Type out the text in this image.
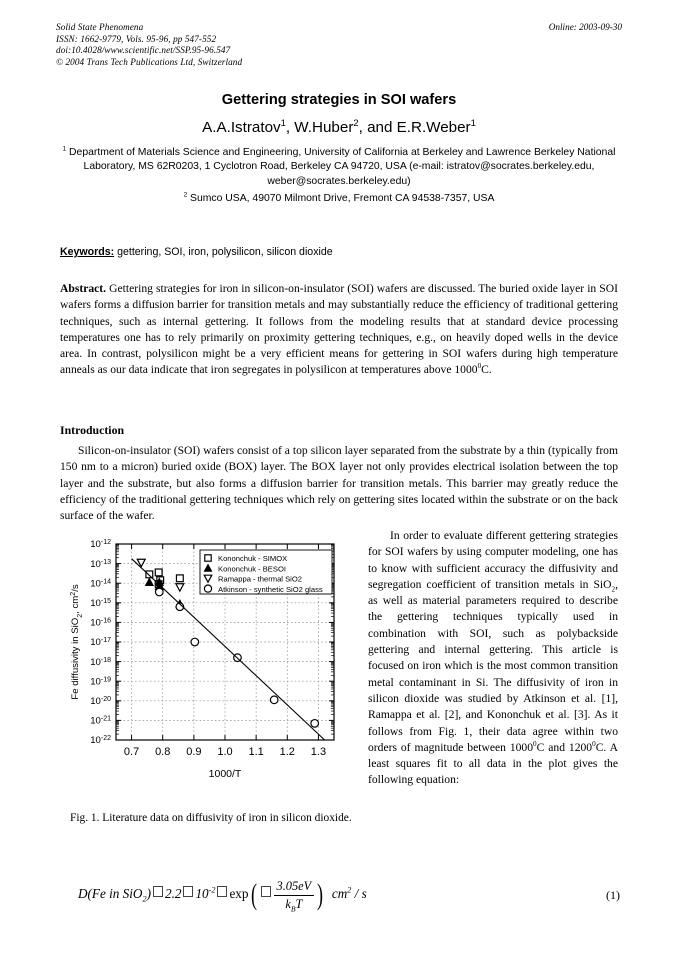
Solid State Phenomena
ISSN: 1662-9779, Vols. 95-96, pp 547-552
doi:10.4028/www.scientific.net/SSP.95-96.547
© 2004 Trans Tech Publications Ltd, Switzerland
Online: 2003-09-30
Gettering strategies in SOI wafers
A.A.Istratov$^1$, W.Huber$^2$, and E.R.Weber$^1$
$^1$ Department of Materials Science and Engineering, University of California at Berkeley and Lawrence Berkeley National Laboratory, MS 62R0203, 1 Cyclotron Road, Berkeley CA 94720, USA (e-mail: istratov@socrates.berkeley.edu, weber@socrates.berkeley.edu)
$^2$ Sumco USA, 49070 Milmont Drive, Fremont CA 94538-7357, USA
Keywords: gettering, SOI, iron, polysilicon, silicon dioxide
Abstract. Gettering strategies for iron in silicon-on-insulator (SOI) wafers are discussed. The buried oxide layer in SOI wafers forms a diffusion barrier for transition metals and may substantially reduce the efficiency of traditional gettering techniques, such as internal gettering. It follows from the modeling results that at standard device processing temperatures one has to rely primarily on proximity gettering techniques, e.g., on heavily doped wells in the device area. In contrast, polysilicon might be a very efficient means for gettering in SOI wafers during high temperature anneals as our data indicate that iron segregates in polysilicon at temperatures above 1000$^0$C.
Introduction
Silicon-on-insulator (SOI) wafers consist of a top silicon layer separated from the substrate by a thin (typically from 150 nm to a micron) buried oxide (BOX) layer. The BOX layer not only provides electrical isolation between the top layer and the substrate, but also forms a diffusion barrier for transition metals. This barrier may greatly reduce the efficiency of the traditional gettering techniques which rely on gettering sites located within the substrate or on the back surface of the wafer.
In order to evaluate different gettering strategies for SOI wafers by using computer modeling, one has to know with sufficient accuracy the diffusivity and segregation coefficient of transition metals in SiO$_2$, as well as material parameters required to describe the gettering techniques typically used in combination with SOI, such as polybackside gettering and internal gettering. This article is focused on iron which is the most common transition metal contaminant in Si. The diffusivity of iron in silicon dioxide was studied by Atkinson et al. [1], Ramappa et al. [2], and Kononchuk et al. [3]. As it follows from Fig. 1, their data agree within two orders of magnitude between 1000$^0$C and 1200$^0$C. A least squares fit to all data in the plot gives the following equation:
$10^{-12}$
$10^{-13}$
$10^{-14}$
$10^{-15}$
$10^{-16}$
$10^{-17}$
$10^{-18}$
$10^{-19}$
$10^{-20}$
$10^{-21}$
$10^{-22}$
0.7 0.8 0.9 1.0 1.1 1.2 1.3
1000/T
Fe diffusivity in SiO$_2$, $cm^2/s$
Kononchuk - SIMOX
Kononchuk - BESOI
Ramappa - thermal SiO2
Atkinson - synthetic SiO2 glass
Fig. 1. Literature data on diffusivity of iron in silicon dioxide.
D(Fe in SiO$_2$) 2.2 $10^{-2}$ $\exp( \frac{3.05eV}{k_BT}$ ) $cm^2$ / s	(1)
